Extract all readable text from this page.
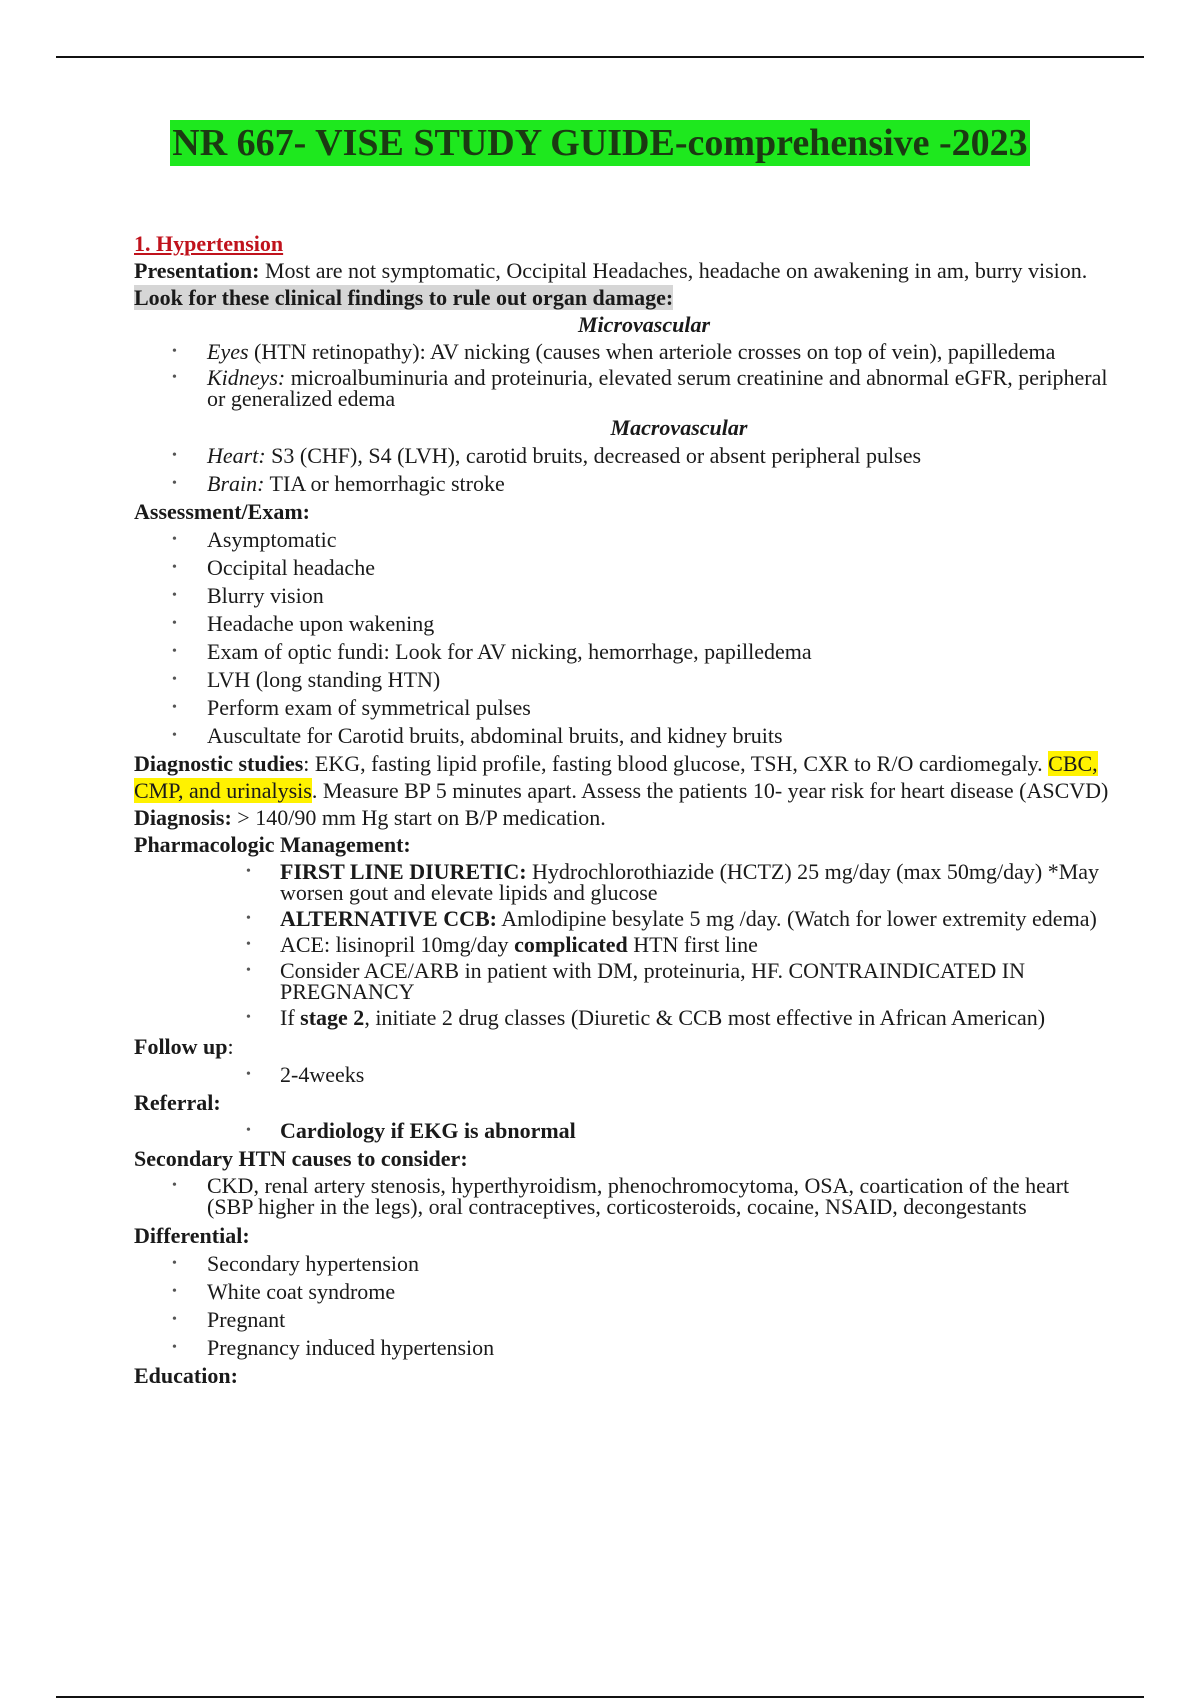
NR 667- VISE STUDY GUIDE-comprehensive -2023

1. Hypertension

Presentation: Most are not symptomatic, Occipital Headaches, headache on awakening in am, burry vision.

Look for these clinical findings to rule out organ damage:

Microvascular

• Eyes (HTN retinopathy): AV nicking (causes when arteriole crosses on top of vein), papilledema
• Kidneys: microalbuminuria and proteinuria, elevated serum creatinine and abnormal eGFR, peripheral or generalized edema

Macrovascular

• Heart: S3 (CHF), S4 (LVH), carotid bruits, decreased or absent peripheral pulses
• Brain: TIA or hemorrhagic stroke

Assessment/Exam:

• Asymptomatic
• Occipital headache
• Blurry vision
• Headache upon wakening
• Exam of optic fundi: Look for AV nicking, hemorrhage, papilledema
• LVH (long standing HTN)
• Perform exam of symmetrical pulses
• Auscultate for Carotid bruits, abdominal bruits, and kidney bruits

Diagnostic studies: EKG, fasting lipid profile, fasting blood glucose, TSH, CXR to R/O cardiomegaly. CBC, CMP, and urinalysis. Measure BP 5 minutes apart. Assess the patients 10- year risk for heart disease (ASCVD)

Diagnosis: > 140/90 mm Hg start on B/P medication.

Pharmacologic Management:

• FIRST LINE DIURETIC: Hydrochlorothiazide (HCTZ) 25 mg/day (max 50mg/day) *May worsen gout and elevate lipids and glucose
• ALTERNATIVE CCB: Amlodipine besylate 5 mg /day. (Watch for lower extremity edema)
• ACE: lisinopril 10mg/day complicated HTN first line
• Consider ACE/ARB in patient with DM, proteinuria, HF. CONTRAINDICATED IN PREGNANCY
• If stage 2, initiate 2 drug classes (Diuretic & CCB most effective in African American)

Follow up:

• 2-4weeks

Referral:

• Cardiology if EKG is abnormal

Secondary HTN causes to consider:

• CKD, renal artery stenosis, hyperthyroidism, phenochromocytoma, OSA, coartication of the heart (SBP higher in the legs), oral contraceptives, corticosteroids, cocaine, NSAID, decongestants

Differential:

• Secondary hypertension
• White coat syndrome
• Pregnant
• Pregnancy induced hypertension

Education:
